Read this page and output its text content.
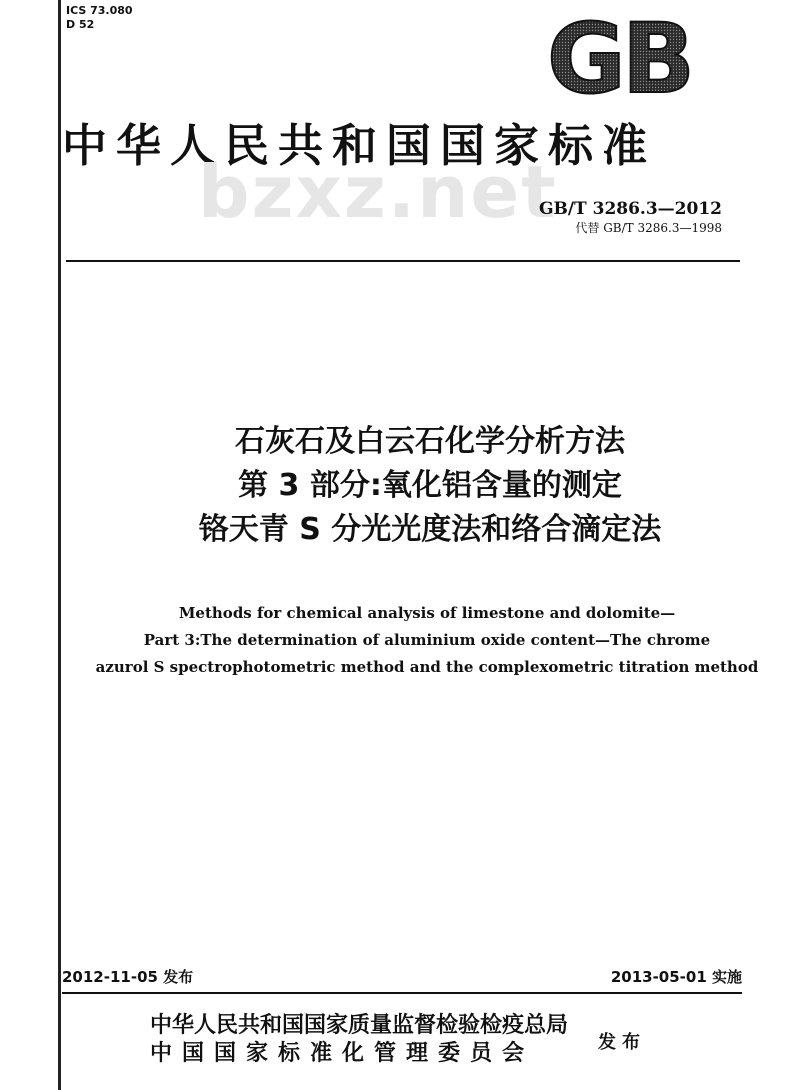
ICS 73.080
D 52	GB
中华人民共和国国家标准
bzxz.net
GB/T 3286.3—2012
代替 GB/T 3286.3—1998
石灰石及白云石化学分析方法
第 3 部分:氧化铝含量的测定
铬天青 S 分光光度法和络合滴定法
Methods for chemical analysis of limestone and dolomite—
Part 3:The determination of aluminium oxide content—The chrome
azurol S spectrophotometric method and the complexometric titration method
2012-11-05 发布	2013-05-01 实施
中华人民共和国国家质量监督检验检疫总局
中国国家标准化管理委员会	发布
